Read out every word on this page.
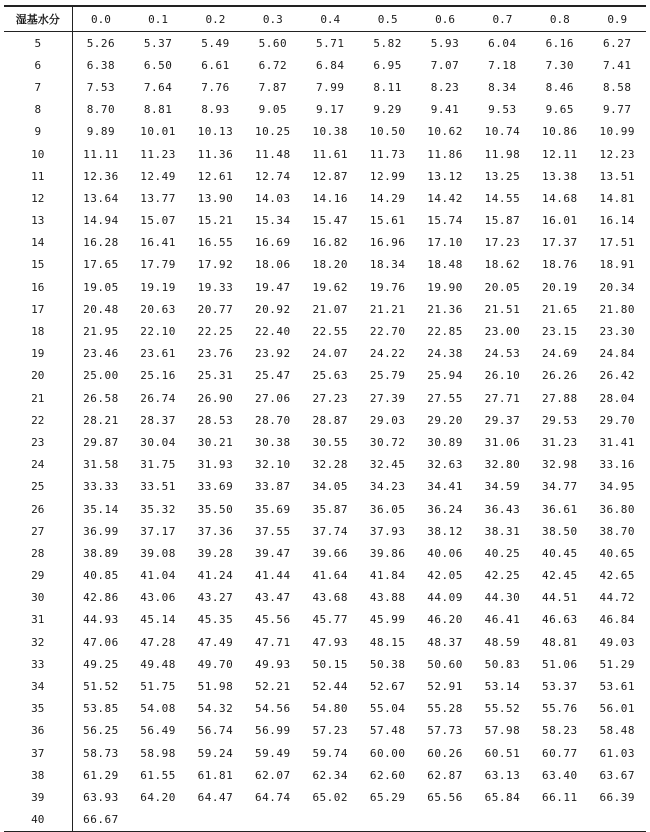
湿基水分	0.0	0.1	0.2	0.3	0.4	0.5	0.6	0.7	0.8	0.9
5	5.26	5.37	5.49	5.60	5.71	5.82	5.93	6.04	6.16	6.27
6	6.38	6.50	6.61	6.72	6.84	6.95	7.07	7.18	7.30	7.41
7	7.53	7.64	7.76	7.87	7.99	8.11	8.23	8.34	8.46	8.58
8	8.70	8.81	8.93	9.05	9.17	9.29	9.41	9.53	9.65	9.77
9	9.89	10.01	10.13	10.25	10.38	10.50	10.62	10.74	10.86	10.99
10	11.11	11.23	11.36	11.48	11.61	11.73	11.86	11.98	12.11	12.23
11	12.36	12.49	12.61	12.74	12.87	12.99	13.12	13.25	13.38	13.51
12	13.64	13.77	13.90	14.03	14.16	14.29	14.42	14.55	14.68	14.81
13	14.94	15.07	15.21	15.34	15.47	15.61	15.74	15.87	16.01	16.14
14	16.28	16.41	16.55	16.69	16.82	16.96	17.10	17.23	17.37	17.51
15	17.65	17.79	17.92	18.06	18.20	18.34	18.48	18.62	18.76	18.91
16	19.05	19.19	19.33	19.47	19.62	19.76	19.90	20.05	20.19	20.34
17	20.48	20.63	20.77	20.92	21.07	21.21	21.36	21.51	21.65	21.80
18	21.95	22.10	22.25	22.40	22.55	22.70	22.85	23.00	23.15	23.30
19	23.46	23.61	23.76	23.92	24.07	24.22	24.38	24.53	24.69	24.84
20	25.00	25.16	25.31	25.47	25.63	25.79	25.94	26.10	26.26	26.42
21	26.58	26.74	26.90	27.06	27.23	27.39	27.55	27.71	27.88	28.04
22	28.21	28.37	28.53	28.70	28.87	29.03	29.20	29.37	29.53	29.70
23	29.87	30.04	30.21	30.38	30.55	30.72	30.89	31.06	31.23	31.41
24	31.58	31.75	31.93	32.10	32.28	32.45	32.63	32.80	32.98	33.16
25	33.33	33.51	33.69	33.87	34.05	34.23	34.41	34.59	34.77	34.95
26	35.14	35.32	35.50	35.69	35.87	36.05	36.24	36.43	36.61	36.80
27	36.99	37.17	37.36	37.55	37.74	37.93	38.12	38.31	38.50	38.70
28	38.89	39.08	39.28	39.47	39.66	39.86	40.06	40.25	40.45	40.65
29	40.85	41.04	41.24	41.44	41.64	41.84	42.05	42.25	42.45	42.65
30	42.86	43.06	43.27	43.47	43.68	43.88	44.09	44.30	44.51	44.72
31	44.93	45.14	45.35	45.56	45.77	45.99	46.20	46.41	46.63	46.84
32	47.06	47.28	47.49	47.71	47.93	48.15	48.37	48.59	48.81	49.03
33	49.25	49.48	49.70	49.93	50.15	50.38	50.60	50.83	51.06	51.29
34	51.52	51.75	51.98	52.21	52.44	52.67	52.91	53.14	53.37	53.61
35	53.85	54.08	54.32	54.56	54.80	55.04	55.28	55.52	55.76	56.01
36	56.25	56.49	56.74	56.99	57.23	57.48	57.73	57.98	58.23	58.48
37	58.73	58.98	59.24	59.49	59.74	60.00	60.26	60.51	60.77	61.03
38	61.29	61.55	61.81	62.07	62.34	62.60	62.87	63.13	63.40	63.67
39	63.93	64.20	64.47	64.74	65.02	65.29	65.56	65.84	66.11	66.39
40	66.67									
